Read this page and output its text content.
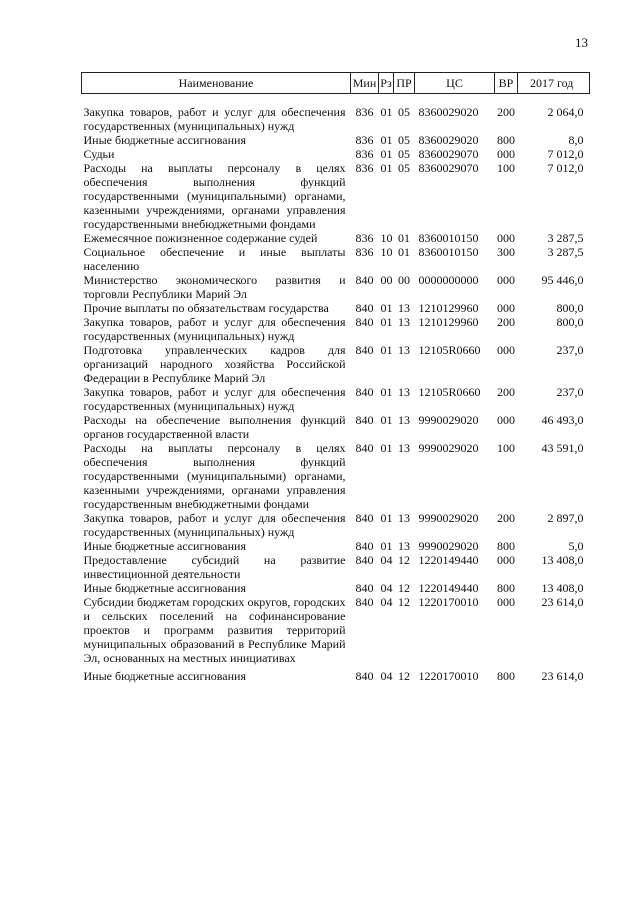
13
Наименование	Мин	Рз	ПР	ЦС	ВР	2017 год
Закупка товаров, работ и услуг для обеспечения государственных (муниципальных) нужд	836	01	05	8360029020	200	2 064,0
Иные бюджетные ассигнования	836	01	05	8360029020	800	8,0
Судьи	836	01	05	8360029070	000	7 012,0
Расходы на выплаты персоналу в целях обеспечения выполнения функций государственными (муниципальными) органами, казенными учреждениями, органами управления государственными внебюджетными фондами	836	01	05	8360029070	100	7 012,0
Ежемесячное пожизненное содержание судей	836	10	01	8360010150	000	3 287,5
Социальное обеспечение и иные выплаты населению	836	10	01	8360010150	300	3 287,5
Министерство экономического развития и торговли Республики Марий Эл	840	00	00	0000000000	000	95 446,0
Прочие выплаты по обязательствам государства	840	01	13	1210129960	000	800,0
Закупка товаров, работ и услуг для обеспечения государственных (муниципальных) нужд	840	01	13	1210129960	200	800,0
Подготовка управленческих кадров для организаций народного хозяйства Российской Федерации в Республике Марий Эл	840	01	13	12105R0660	000	237,0
Закупка товаров, работ и услуг для обеспечения государственных (муниципальных) нужд	840	01	13	12105R0660	200	237,0
Расходы на обеспечение выполнения функций органов государственной власти	840	01	13	9990029020	000	46 493,0
Расходы на выплаты персоналу в целях обеспечения выполнения функций государственными (муниципальными) органами, казенными учреждениями, органами управления государственным внебюджетными фондами	840	01	13	9990029020	100	43 591,0
Закупка товаров, работ и услуг для обеспечения государственных (муниципальных) нужд	840	01	13	9990029020	200	2 897,0
Иные бюджетные ассигнования	840	01	13	9990029020	800	5,0
Предоставление субсидий на развитие инвестиционной деятельности	840	04	12	1220149440	000	13 408,0
Иные бюджетные ассигнования	840	04	12	1220149440	800	13 408,0
Субсидии бюджетам городских округов, городских и сельских поселений на софинансирование проектов и программ развития территорий муниципальных образований в Республике Марий Эл, основанных на местных инициативах	840	04	12	1220170010	000	23 614,0
Иные бюджетные ассигнования	840	04	12	1220170010	800	23 614,0
